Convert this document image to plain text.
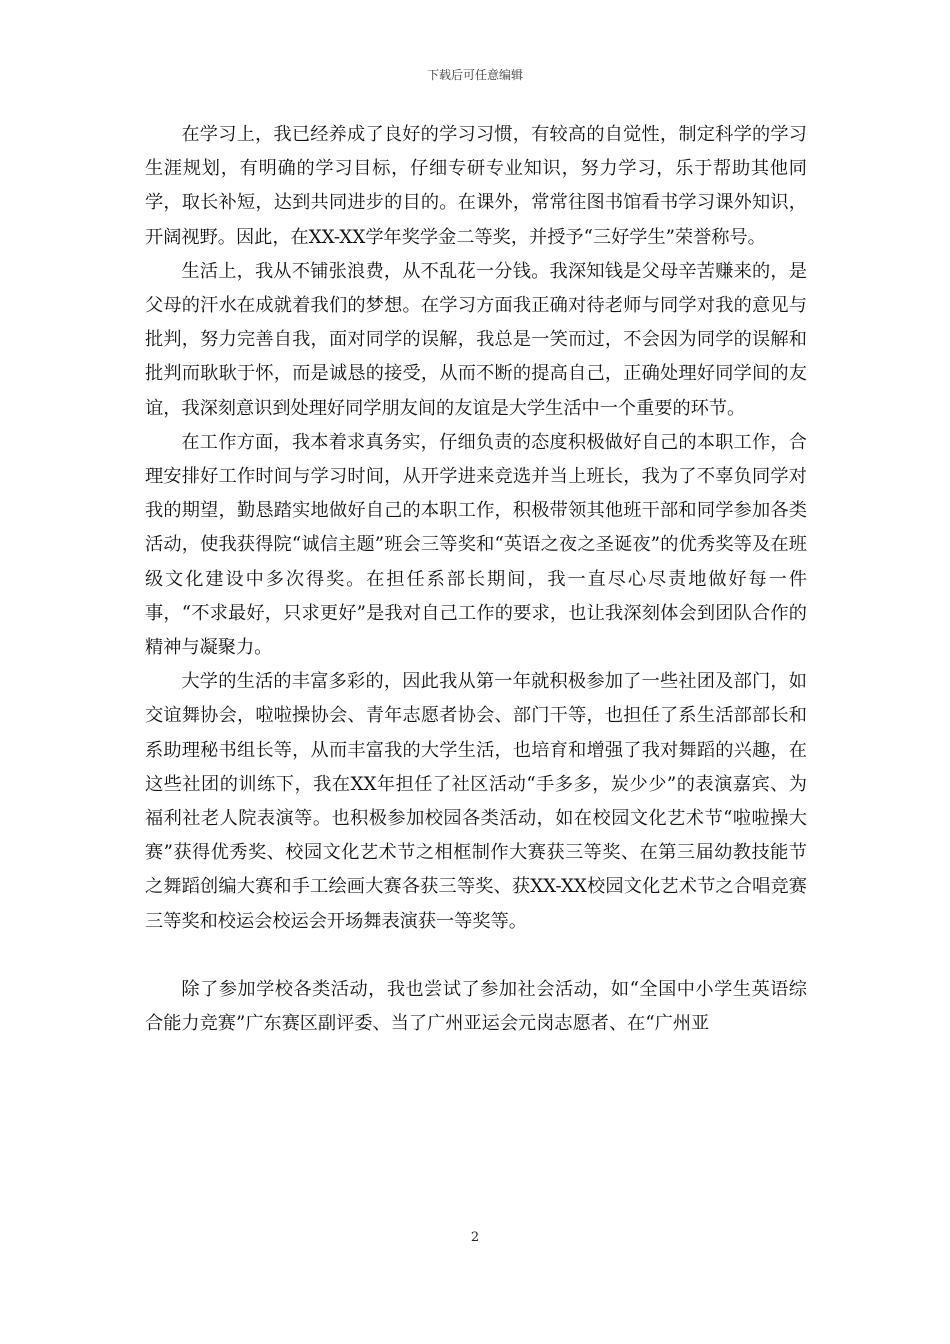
下载后可任意编辑

在学习上，我已经养成了良好的学习习惯，有较高的自觉性，制定科学的学习生涯规划，有明确的学习目标，仔细专研专业知识，努力学习，乐于帮助其他同学，取长补短，达到共同进步的目的。在课外，常常往图书馆看书学习课外知识，开阔视野。因此，在XX-XX学年奖学金二等奖，并授予“三好学生”荣誉称号。

生活上，我从不铺张浪费，从不乱花一分钱。我深知钱是父母辛苦赚来的，是父母的汗水在成就着我们的梦想。在学习方面我正确对待老师与同学对我的意见与批判，努力完善自我，面对同学的误解，我总是一笑而过，不会因为同学的误解和批判而耿耿于怀，而是诚恳的接受，从而不断的提高自己，正确处理好同学间的友谊，我深刻意识到处理好同学朋友间的友谊是大学生活中一个重要的环节。

在工作方面，我本着求真务实，仔细负责的态度积极做好自己的本职工作，合理安排好工作时间与学习时间，从开学进来竞选并当上班长，我为了不辜负同学对我的期望，勤恳踏实地做好自己的本职工作，积极带领其他班干部和同学参加各类活动，使我获得院“诚信主题”班会三等奖和“英语之夜之圣诞夜”的优秀奖等及在班级文化建设中多次得奖。在担任系部长期间，我一直尽心尽责地做好每一件事，“不求最好，只求更好”是我对自己工作的要求，也让我深刻体会到团队合作的精神与凝聚力。

大学的生活的丰富多彩的，因此我从第一年就积极参加了一些社团及部门，如交谊舞协会，啦啦操协会、青年志愿者协会、部门干等，也担任了系生活部部长和系助理秘书组长等，从而丰富我的大学生活，也培育和增强了我对舞蹈的兴趣，在这些社团的训练下，我在XX年担任了社区活动“手多多，炭少少”的表演嘉宾、为福利社老人院表演等。也积极参加校园各类活动，如在校园文化艺术节“啦啦操大赛”获得优秀奖、校园文化艺术节之相框制作大赛获三等奖、在第三届幼教技能节之舞蹈创编大赛和手工绘画大赛各获三等奖、获XX-XX校园文化艺术节之合唱竞赛三等奖和校运会校运会开场舞表演获一等奖等。

除了参加学校各类活动，我也尝试了参加社会活动，如“全国中小学生英语综合能力竞赛”广东赛区副评委、当了广州亚运会元岗志愿者、在“广州亚

2
